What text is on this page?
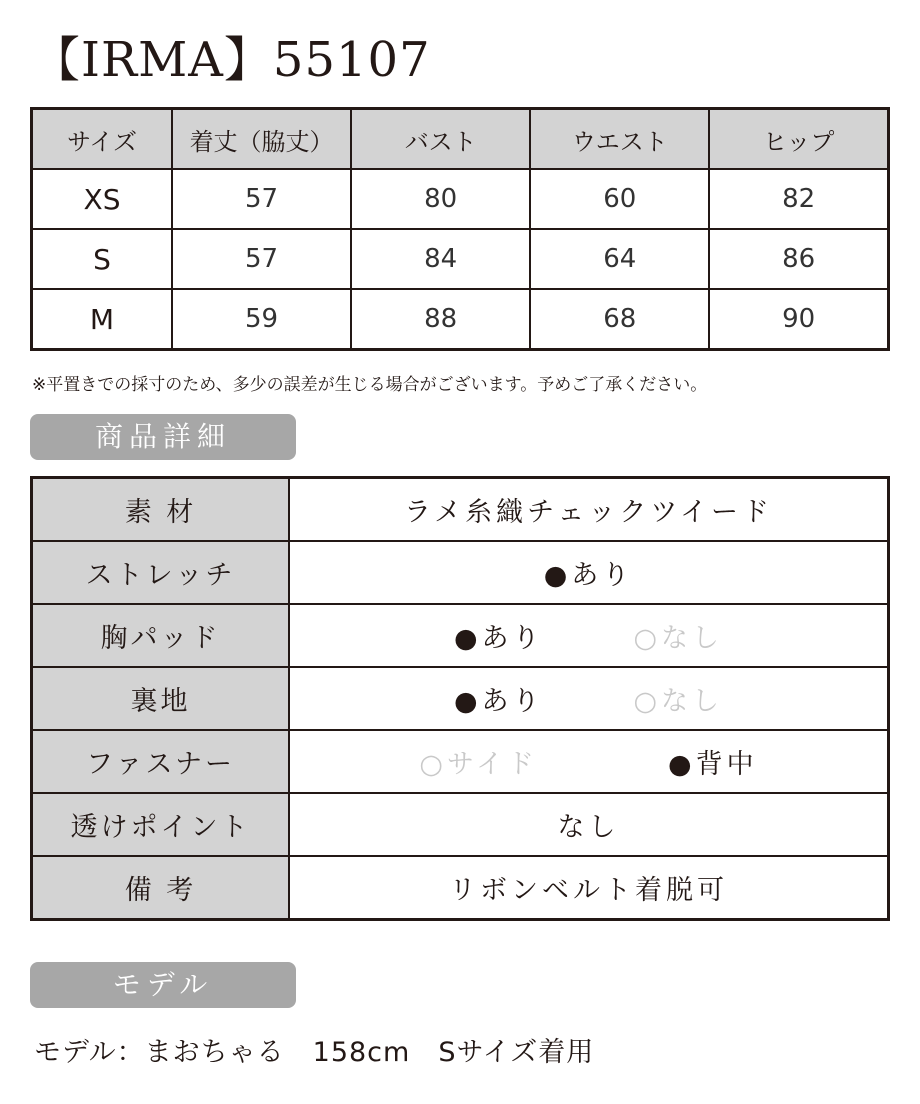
【IRMA】55107
サイズ	着丈（脇丈）	バスト	ウエスト	ヒップ
XS	57	80	60	82
S	57	84	64	86
M	59	88	68	90
※平置きでの採寸のため、多少の誤差が生じる場合がございます。予めご了承ください。
商品詳細
素 材	ラメ糸織チェックツイード
ストレッチ	●あり
胸パッド	●あり ○なし
裏地	●あり ○なし
ファスナー	○サイド ●背中
透けポイント	なし
備 考	リボンベルト着脱可
モデル
モデル：まおちゃる　158cm　Sサイズ着用
